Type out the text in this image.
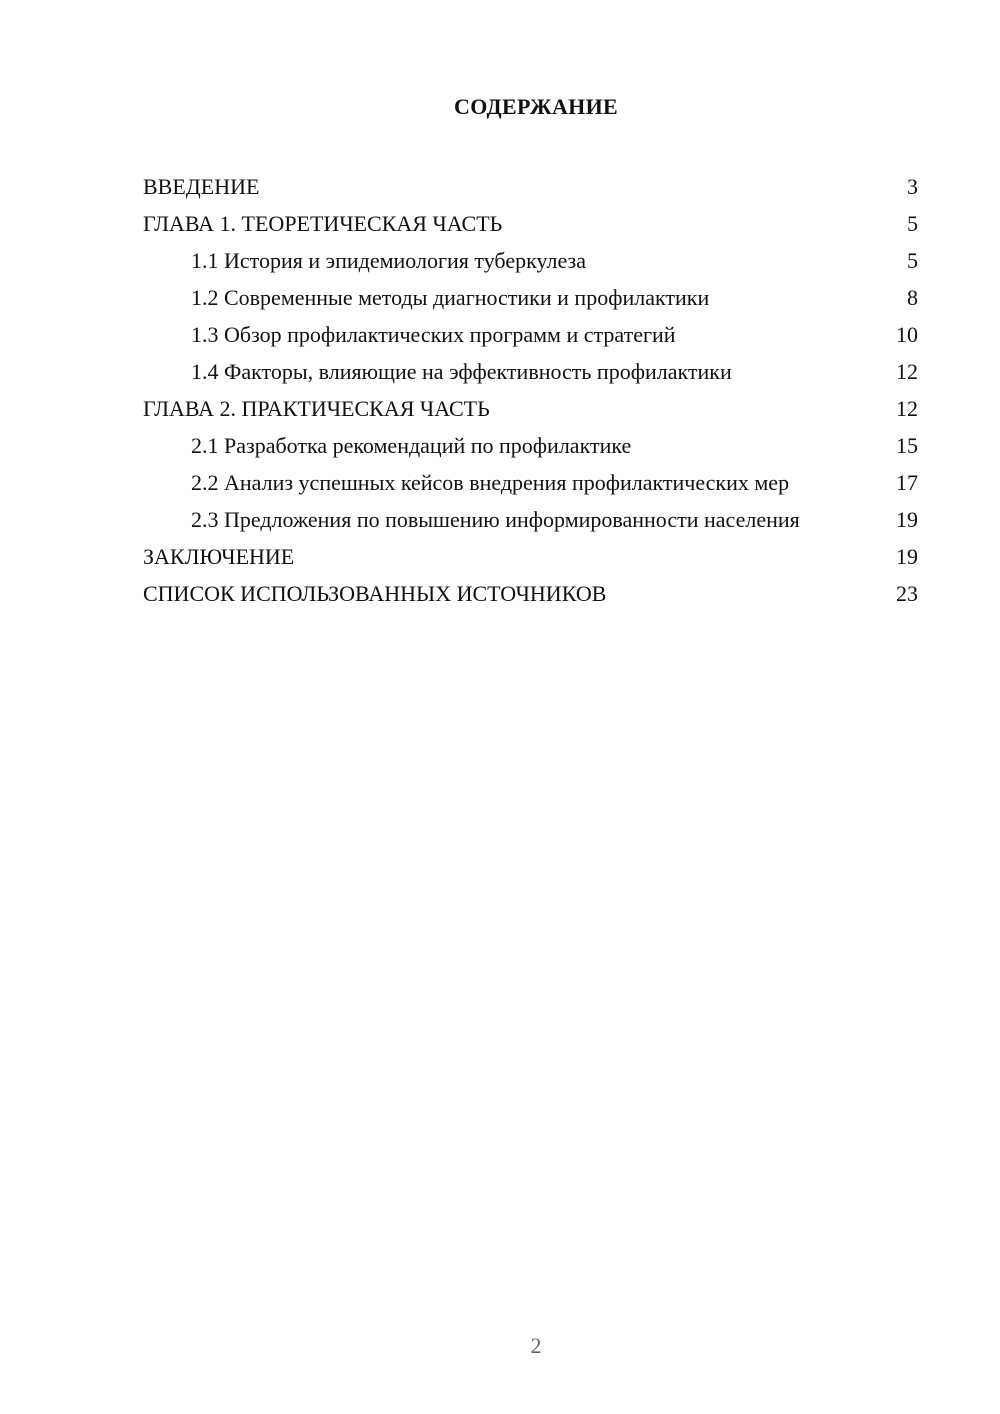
СОДЕРЖАНИЕ
ВВЕДЕНИЕ	3
ГЛАВА 1. ТЕОРЕТИЧЕСКАЯ ЧАСТЬ	5
1.1 История и эпидемиология туберкулеза	5
1.2 Современные методы диагностики и профилактики	8
1.3 Обзор профилактических программ и стратегий	10
1.4 Факторы, влияющие на эффективность профилактики	12
ГЛАВА 2. ПРАКТИЧЕСКАЯ ЧАСТЬ	12
2.1 Разработка рекомендаций по профилактике	15
2.2 Анализ успешных кейсов внедрения профилактических мер	17
2.3 Предложения по повышению информированности населения	19
ЗАКЛЮЧЕНИЕ	19
СПИСОК ИСПОЛЬЗОВАННЫХ ИСТОЧНИКОВ	23
2
